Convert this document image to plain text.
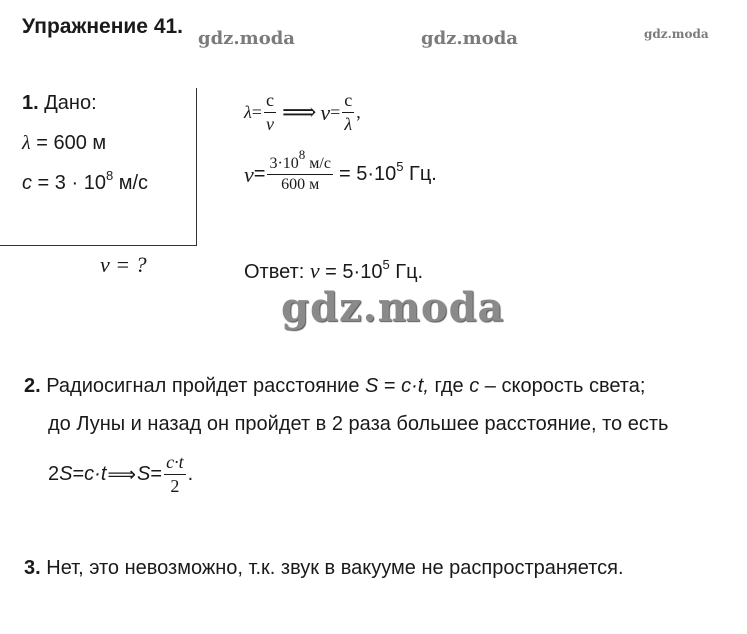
Упражнение 41.
gdz.moda	gdz.moda	gdz.moda
gdz.moda
1. Дано:
λ = 600 м
$c = 3 \cdot 10^8$ м/с
ν = ?
$\lambda = \frac{c}{\nu}$ ⟹ $\nu = \frac{c}{\lambda}$ ,
$\nu = \frac{3\cdot 10^8 м/с}{600 м} = 5\cdot 10^5$ Гц.
Ответ: $\nu = 5\cdot 10^5$ Гц.
2. Радиосигнал пройдет расстояние S = c·t, где c – скорость света;
до Луны и назад он пройдет в 2 раза большее расстояние, то есть
2 S = c·t ⟹ $S = \frac{c\cdot t}{2}$ .
3. Нет, это невозможно, т.к. звук в вакууме не распространяется.
